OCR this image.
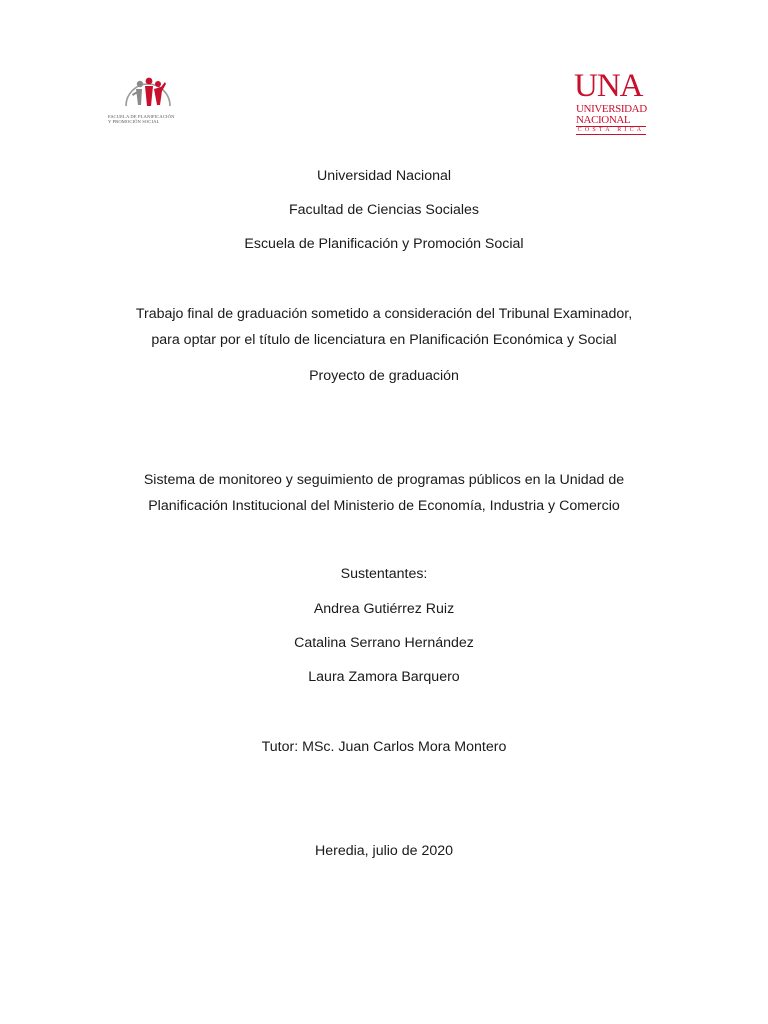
ESCUELA DE PLANIFICACIÓN
Y PROMOCIÓN SOCIAL
UNA
UNIVERSIDAD
NACIONAL
COSTA RICA
Universidad Nacional
Facultad de Ciencias Sociales
Escuela de Planificación y Promoción Social
Trabajo final de graduación sometido a consideración del Tribunal Examinador,
para optar por el título de licenciatura en Planificación Económica y Social
Proyecto de graduación
Sistema de monitoreo y seguimiento de programas públicos en la Unidad de
Planificación Institucional del Ministerio de Economía, Industria y Comercio
Sustentantes:
Andrea Gutiérrez Ruiz
Catalina Serrano Hernández
Laura Zamora Barquero
Tutor: MSc. Juan Carlos Mora Montero
Heredia, julio de 2020
